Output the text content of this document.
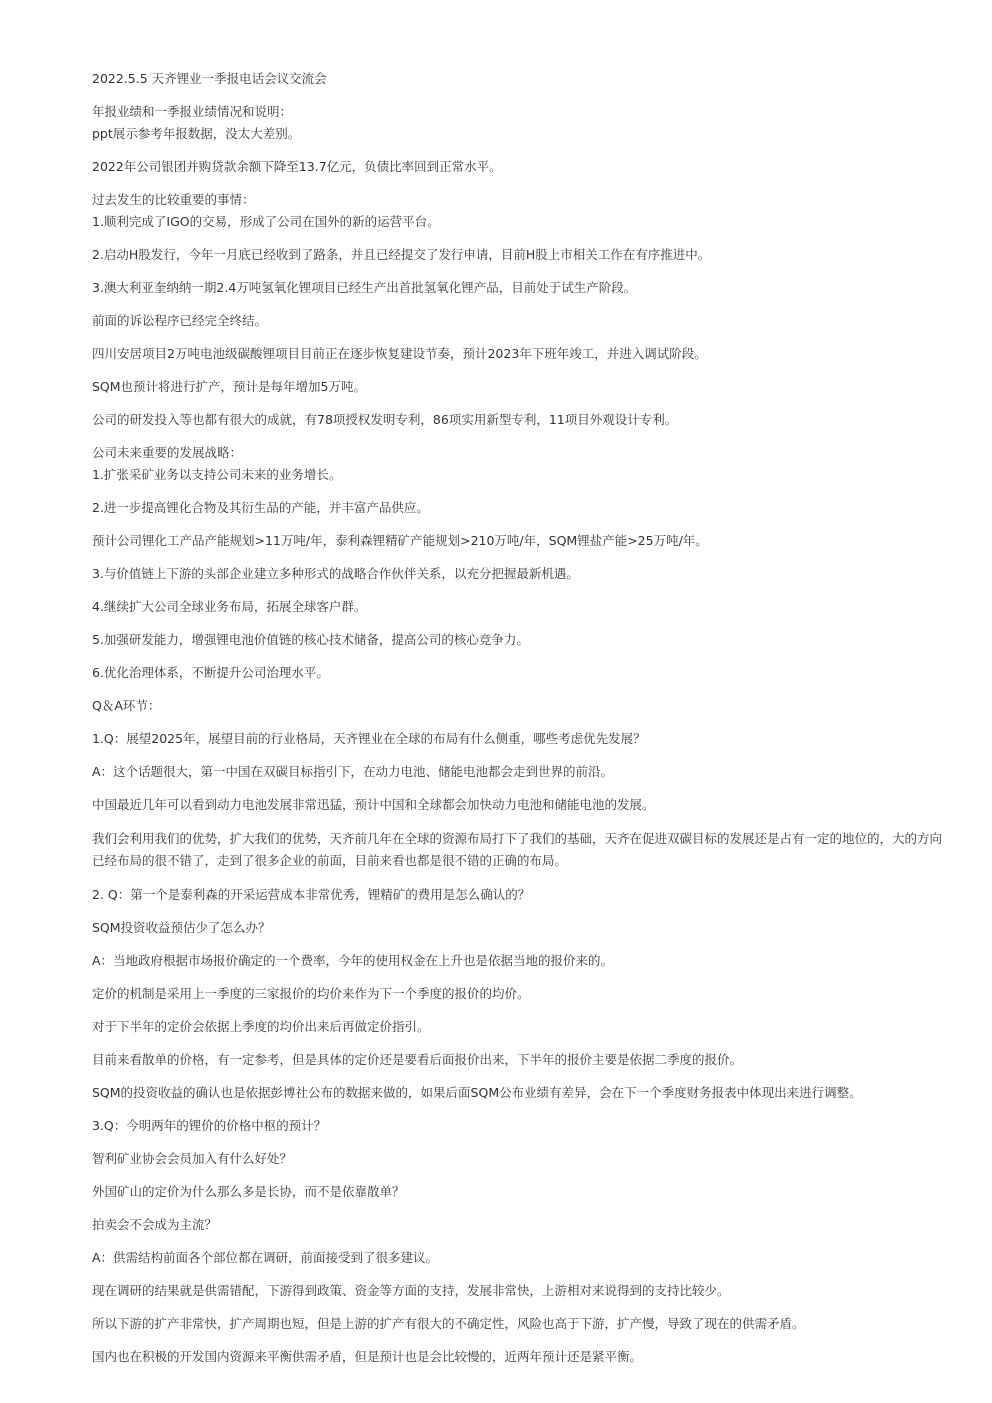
2022.5.5 天齐锂业一季报电话会议交流会

年报业绩和一季报业绩情况和说明：

ppt展示参考年报数据，没太大差别。

2022年公司银团并购贷款余额下降至13.7亿元，负债比率回到正常水平。

过去发生的比较重要的事情：

1.顺利完成了IGO的交易，形成了公司在国外的新的运营平台。

2.启动H股发行，今年一月底已经收到了路条，并且已经提交了发行申请，目前H股上市相关工作在有序推进中。

3.澳大利亚奎纳纳一期2.4万吨氢氧化锂项目已经生产出首批氢氧化锂产品，目前处于试生产阶段。

前面的诉讼程序已经完全终结。

四川安居项目2万吨电池级碳酸锂项目目前正在逐步恢复建设节奏，预计2023年下班年竣工，并进入调试阶段。

SQM也预计将进行扩产，预计是每年增加5万吨。

公司的研发投入等也都有很大的成就，有78项授权发明专利，86项实用新型专利，11项目外观设计专利。

公司未来重要的发展战略：

1.扩张采矿业务以支持公司未来的业务增长。

2.进一步提高锂化合物及其衍生品的产能，并丰富产品供应。

预计公司锂化工产品产能规划>11万吨/年，泰利森锂精矿产能规划>210万吨/年，SQM锂盐产能>25万吨/年。

3.与价值链上下游的头部企业建立多种形式的战略合作伙伴关系，以充分把握最新机遇。

4.继续扩大公司全球业务布局，拓展全球客户群。

5.加强研发能力，增强锂电池价值链的核心技术储备，提高公司的核心竞争力。

6.优化治理体系，不断提升公司治理水平。

Q＆A环节：

1.Q：展望2025年，展望目前的行业格局，天齐锂业在全球的布局有什么侧重，哪些考虑优先发展？

A：这个话题很大，第一中国在双碳目标指引下，在动力电池、储能电池都会走到世界的前沿。

中国最近几年可以看到动力电池发展非常迅猛，预计中国和全球都会加快动力电池和储能电池的发展。

我们会利用我们的优势，扩大我们的优势，天齐前几年在全球的资源布局打下了我们的基础，天齐在促进双碳目标的发展还是占有一定的地位的，大的方向已经布局的很不错了，走到了很多企业的前面，目前来看也都是很不错的正确的布局。

2. Q：第一个是泰利森的开采运营成本非常优秀，锂精矿的费用是怎么确认的？

SQM投资收益预估少了怎么办？

A：当地政府根据市场报价确定的一个费率，今年的使用权金在上升也是依据当地的报价来的。

定价的机制是采用上一季度的三家报价的均价来作为下一个季度的报价的均价。

对于下半年的定价会依据上季度的均价出来后再做定价指引。

目前来看散单的价格，有一定参考，但是具体的定价还是要看后面报价出来，下半年的报价主要是依据二季度的报价。

SQM的投资收益的确认也是依据彭博社公布的数据来做的，如果后面SQM公布业绩有差异，会在下一个季度财务报表中体现出来进行调整。

3.Q：今明两年的锂价的价格中枢的预计？

智利矿业协会会员加入有什么好处？

外国矿山的定价为什么那么多是长协，而不是依靠散单？

拍卖会不会成为主流？

A：供需结构前面各个部位都在调研，前面接受到了很多建议。

现在调研的结果就是供需错配，下游得到政策、资金等方面的支持，发展非常快，上游相对来说得到的支持比较少。

所以下游的扩产非常快，扩产周期也短，但是上游的扩产有很大的不确定性，风险也高于下游，扩产慢，导致了现在的供需矛盾。

国内也在积极的开发国内资源来平衡供需矛盾，但是预计也是会比较慢的，近两年预计还是紧平衡。
